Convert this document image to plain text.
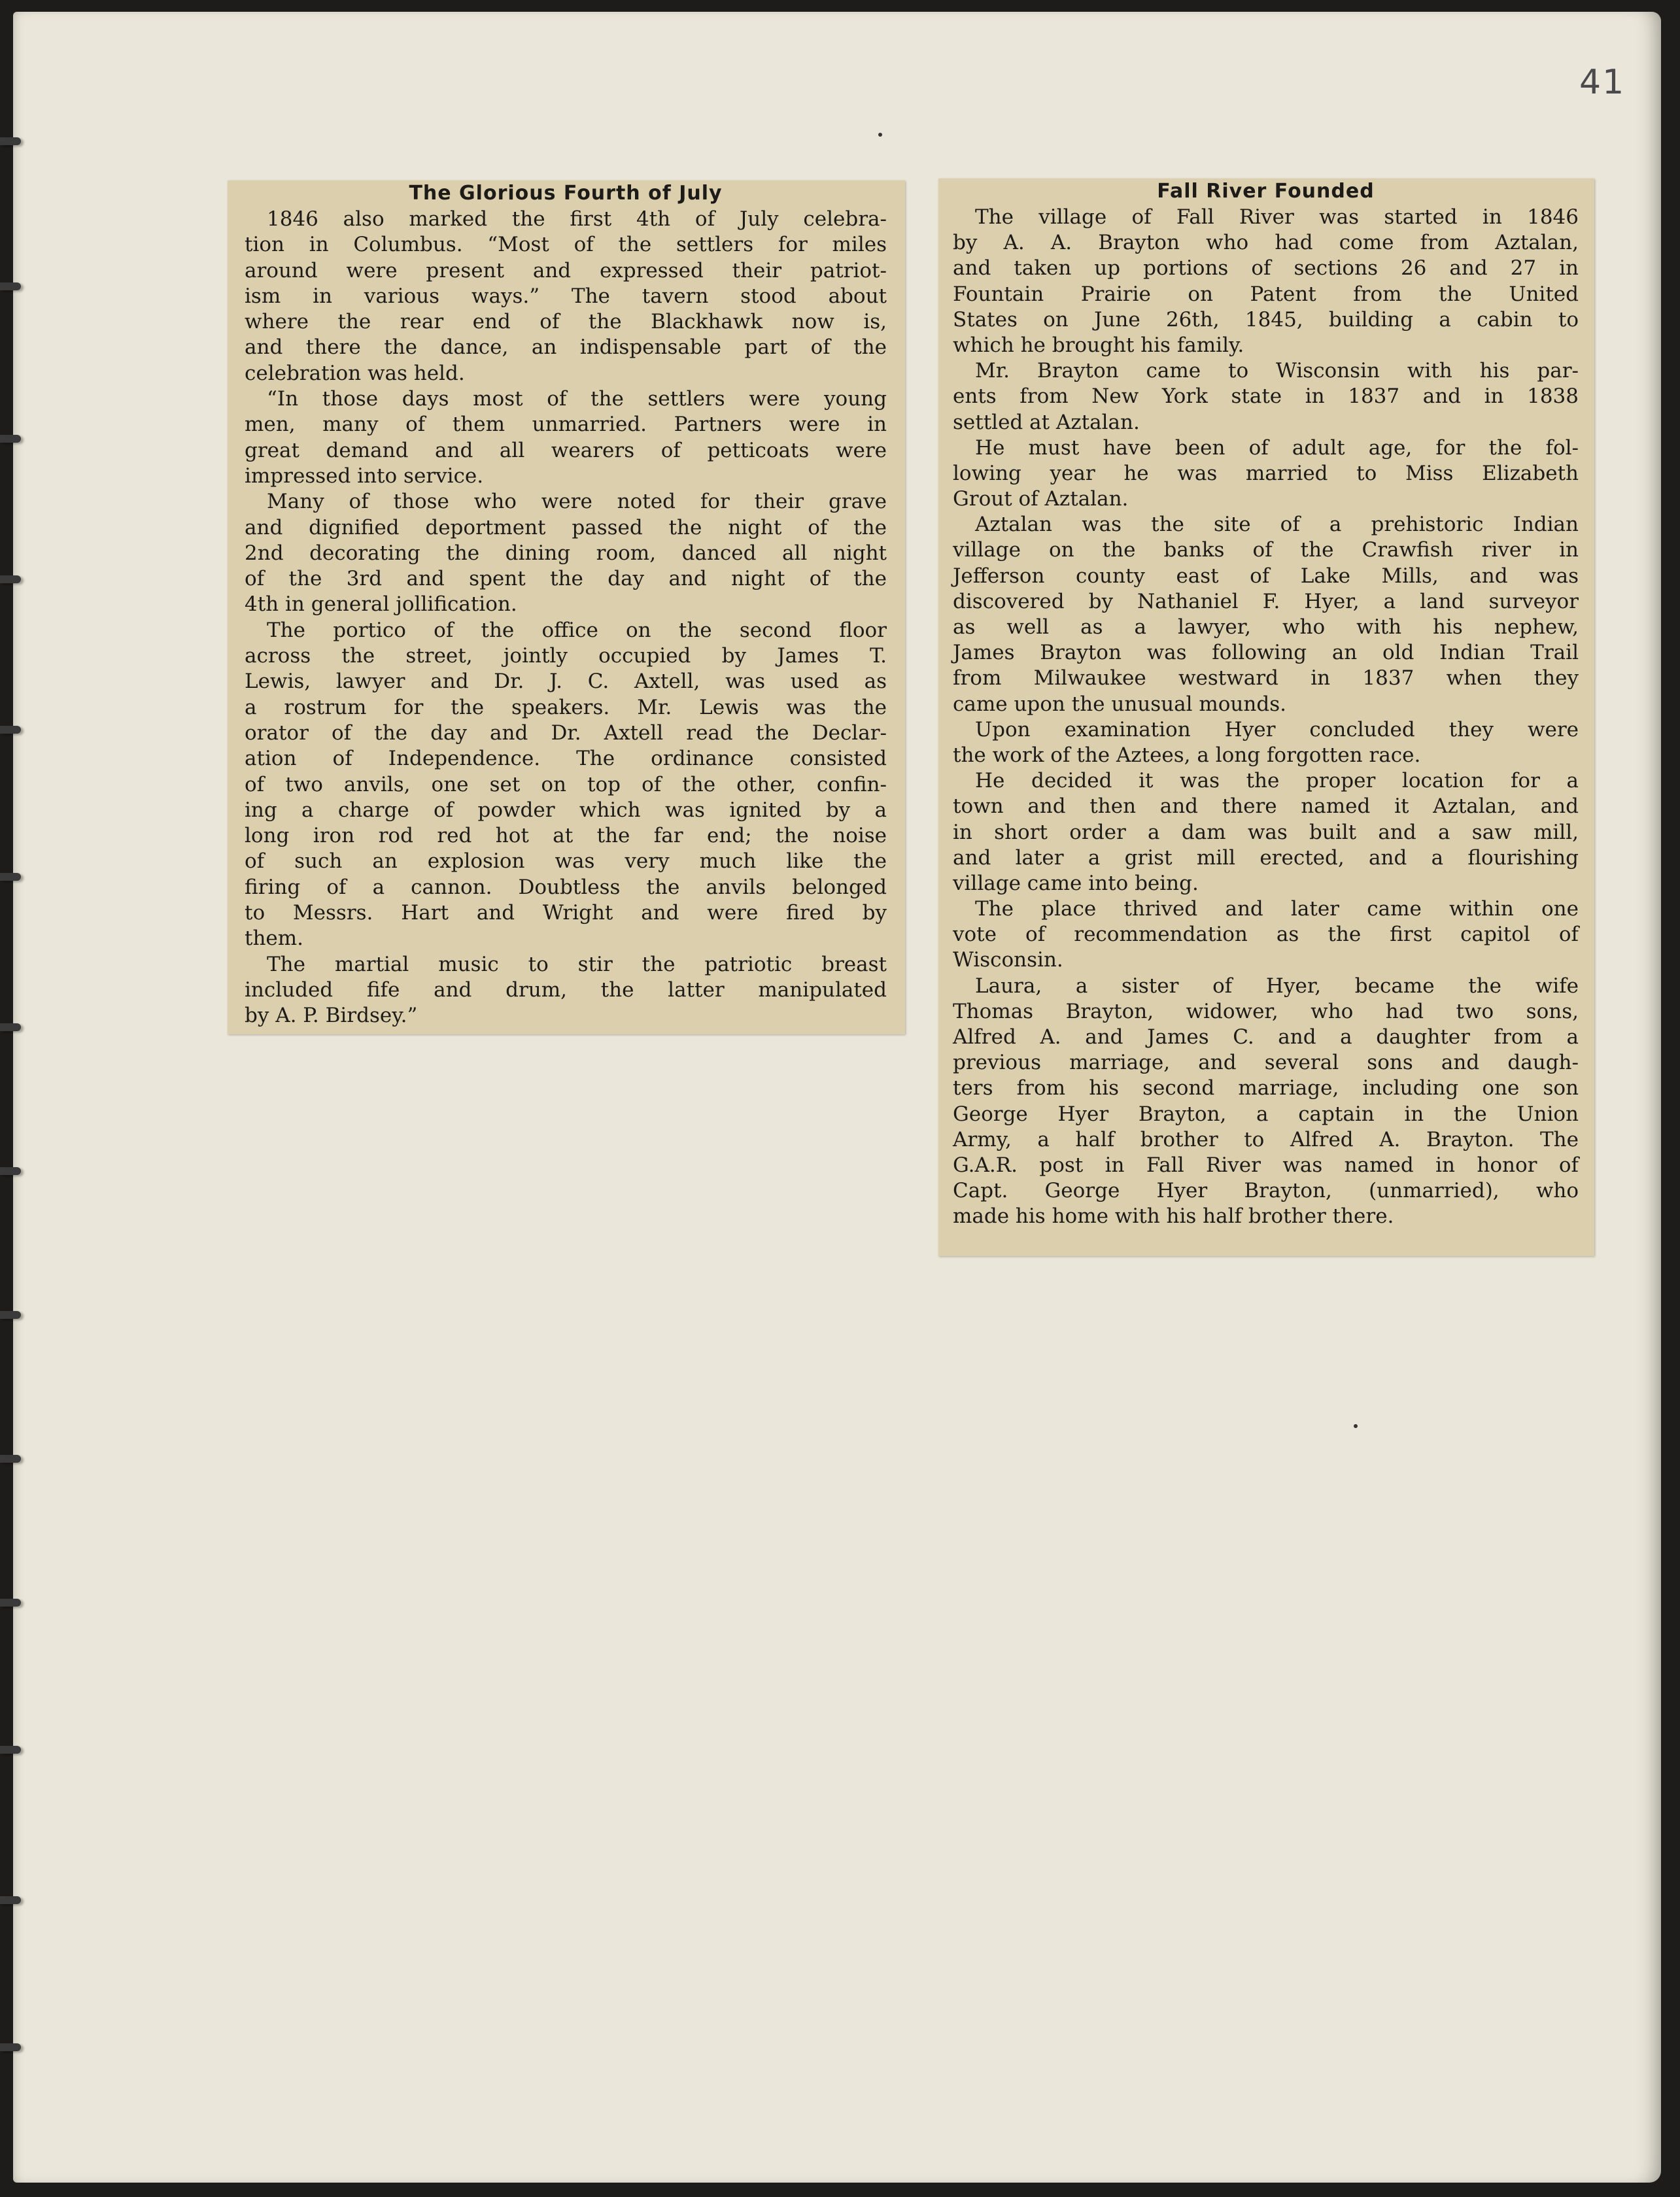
41
The Glorious Fourth of July
1846 also marked the first 4th of July celebra-
tion in Columbus. “Most of the settlers for miles
around were present and expressed their patriot-
ism in various ways.” The tavern stood about
where the rear end of the Blackhawk now is,
and there the dance, an indispensable part of the
celebration was held.
“In those days most of the settlers were young
men, many of them unmarried. Partners were in
great demand and all wearers of petticoats were
impressed into service.
Many of those who were noted for their grave
and dignified deportment passed the night of the
2nd decorating the dining room, danced all night
of the 3rd and spent the day and night of the
4th in general jollification.
The portico of the office on the second floor
across the street, jointly occupied by James T.
Lewis, lawyer and Dr. J. C. Axtell, was used as
a rostrum for the speakers. Mr. Lewis was the
orator of the day and Dr. Axtell read the Declar-
ation of Independence. The ordinance consisted
of two anvils, one set on top of the other, confin-
ing a charge of powder which was ignited by a
long iron rod red hot at the far end; the noise
of such an explosion was very much like the
firing of a cannon. Doubtless the anvils belonged
to Messrs. Hart and Wright and were fired by
them.
The martial music to stir the patriotic breast
included fife and drum, the latter manipulated
by A. P. Birdsey.”
Fall River Founded
The village of Fall River was started in 1846
by A. A. Brayton who had come from Aztalan,
and taken up portions of sections 26 and 27 in
Fountain Prairie on Patent from the United
States on June 26th, 1845, building a cabin to
which he brought his family.
Mr. Brayton came to Wisconsin with his par-
ents from New York state in 1837 and in 1838
settled at Aztalan.
He must have been of adult age, for the fol-
lowing year he was married to Miss Elizabeth
Grout of Aztalan.
Aztalan was the site of a prehistoric Indian
village on the banks of the Crawfish river in
Jefferson county east of Lake Mills, and was
discovered by Nathaniel F. Hyer, a land surveyor
as well as a lawyer, who with his nephew,
James Brayton was following an old Indian Trail
from Milwaukee westward in 1837 when they
came upon the unusual mounds.
Upon examination Hyer concluded they were
the work of the Aztees, a long forgotten race.
He decided it was the proper location for a
town and then and there named it Aztalan, and
in short order a dam was built and a saw mill,
and later a grist mill erected, and a flourishing
village came into being.
The place thrived and later came within one
vote of recommendation as the first capitol of
Wisconsin.
Laura, a sister of Hyer, became the wife
Thomas Brayton, widower, who had two sons,
Alfred A. and James C. and a daughter from a
previous marriage, and several sons and daugh-
ters from his second marriage, including one son
George Hyer Brayton, a captain in the Union
Army, a half brother to Alfred A. Brayton. The
G.A.R. post in Fall River was named in honor of
Capt. George Hyer Brayton, (unmarried), who
made his home with his half brother there.
